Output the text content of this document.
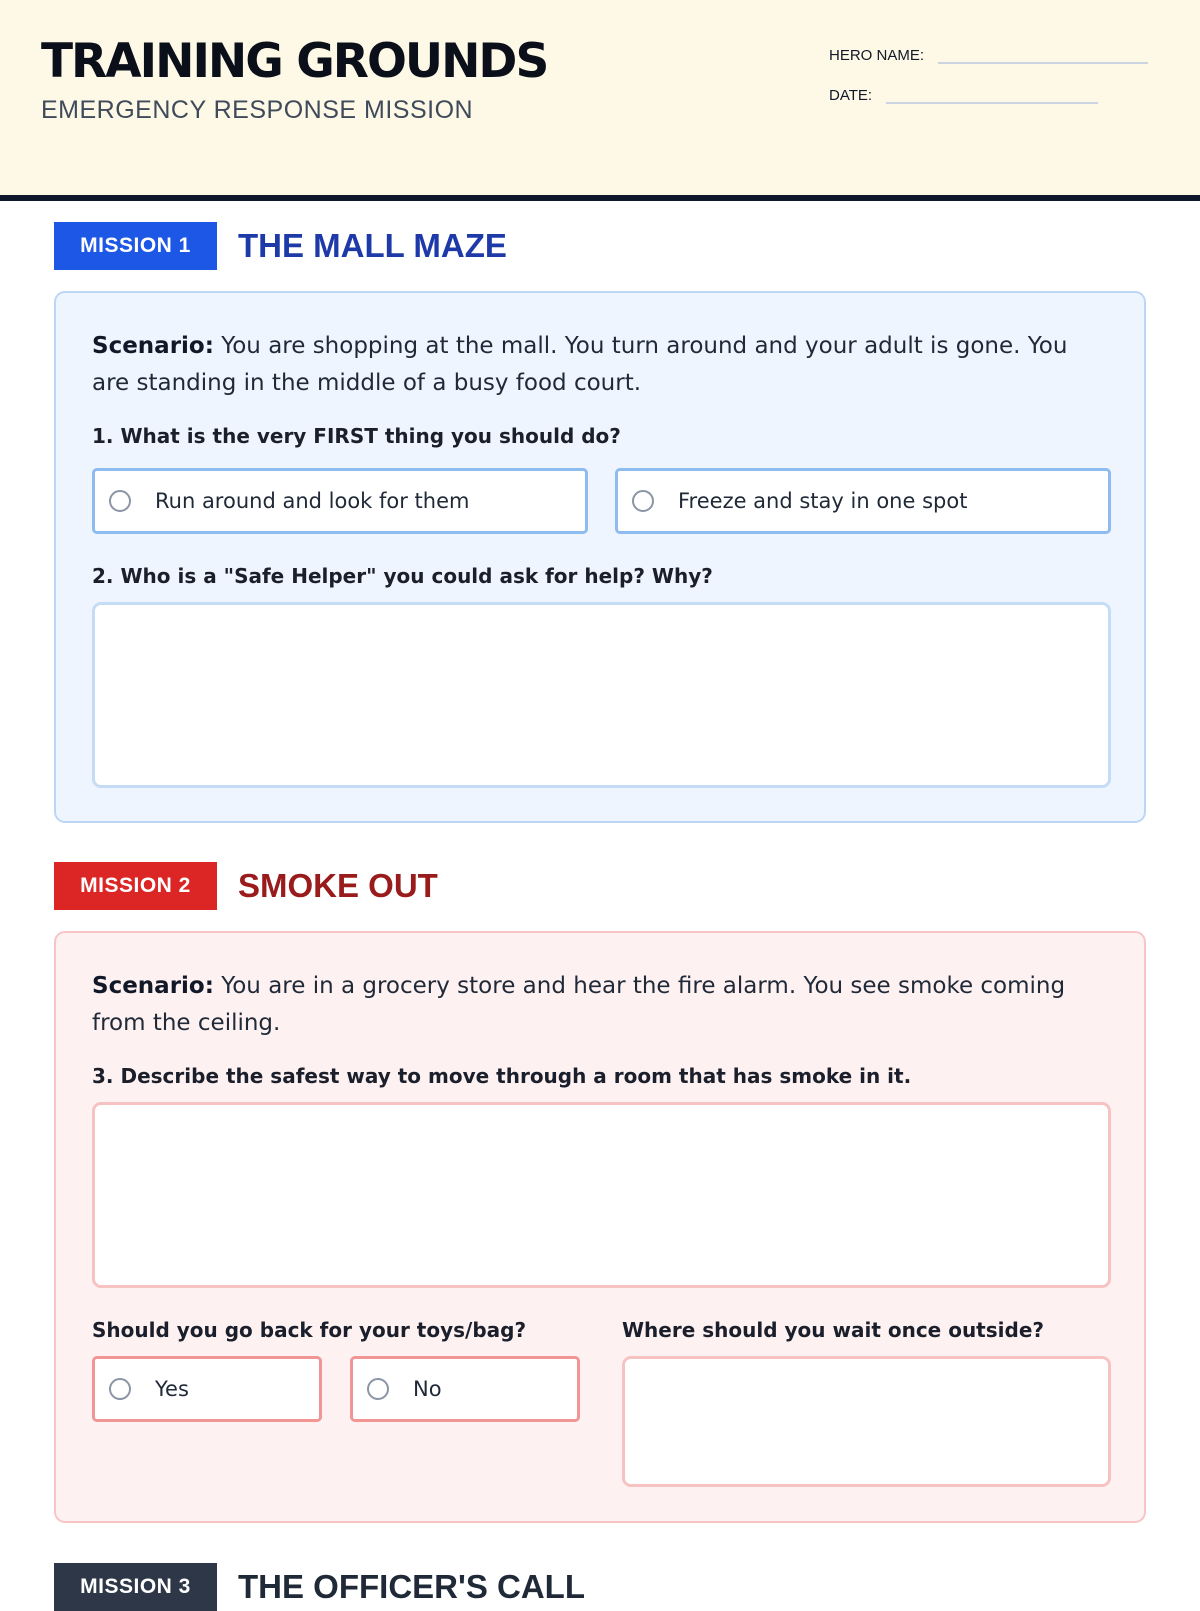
TRAINING GROUNDS
EMERGENCY RESPONSE MISSION
HERO NAME:
DATE:
MISSION 1	THE MALL MAZE

Scenario: You are shopping at the mall. You turn around and your adult is gone. You are standing in the middle of a busy food court.

1. What is the very FIRST thing you should do?

Run around and look for them	Freeze and stay in one spot

2. Who is a "Safe Helper" you could ask for help? Why?

MISSION 2	SMOKE OUT

Scenario: You are in a grocery store and hear the fire alarm. You see smoke coming from the ceiling.

3. Describe the safest way to move through a room that has smoke in it.

Should you go back for your toys/bag?

Yes	No

Where should you wait once outside?

MISSION 3	THE OFFICER'S CALL
